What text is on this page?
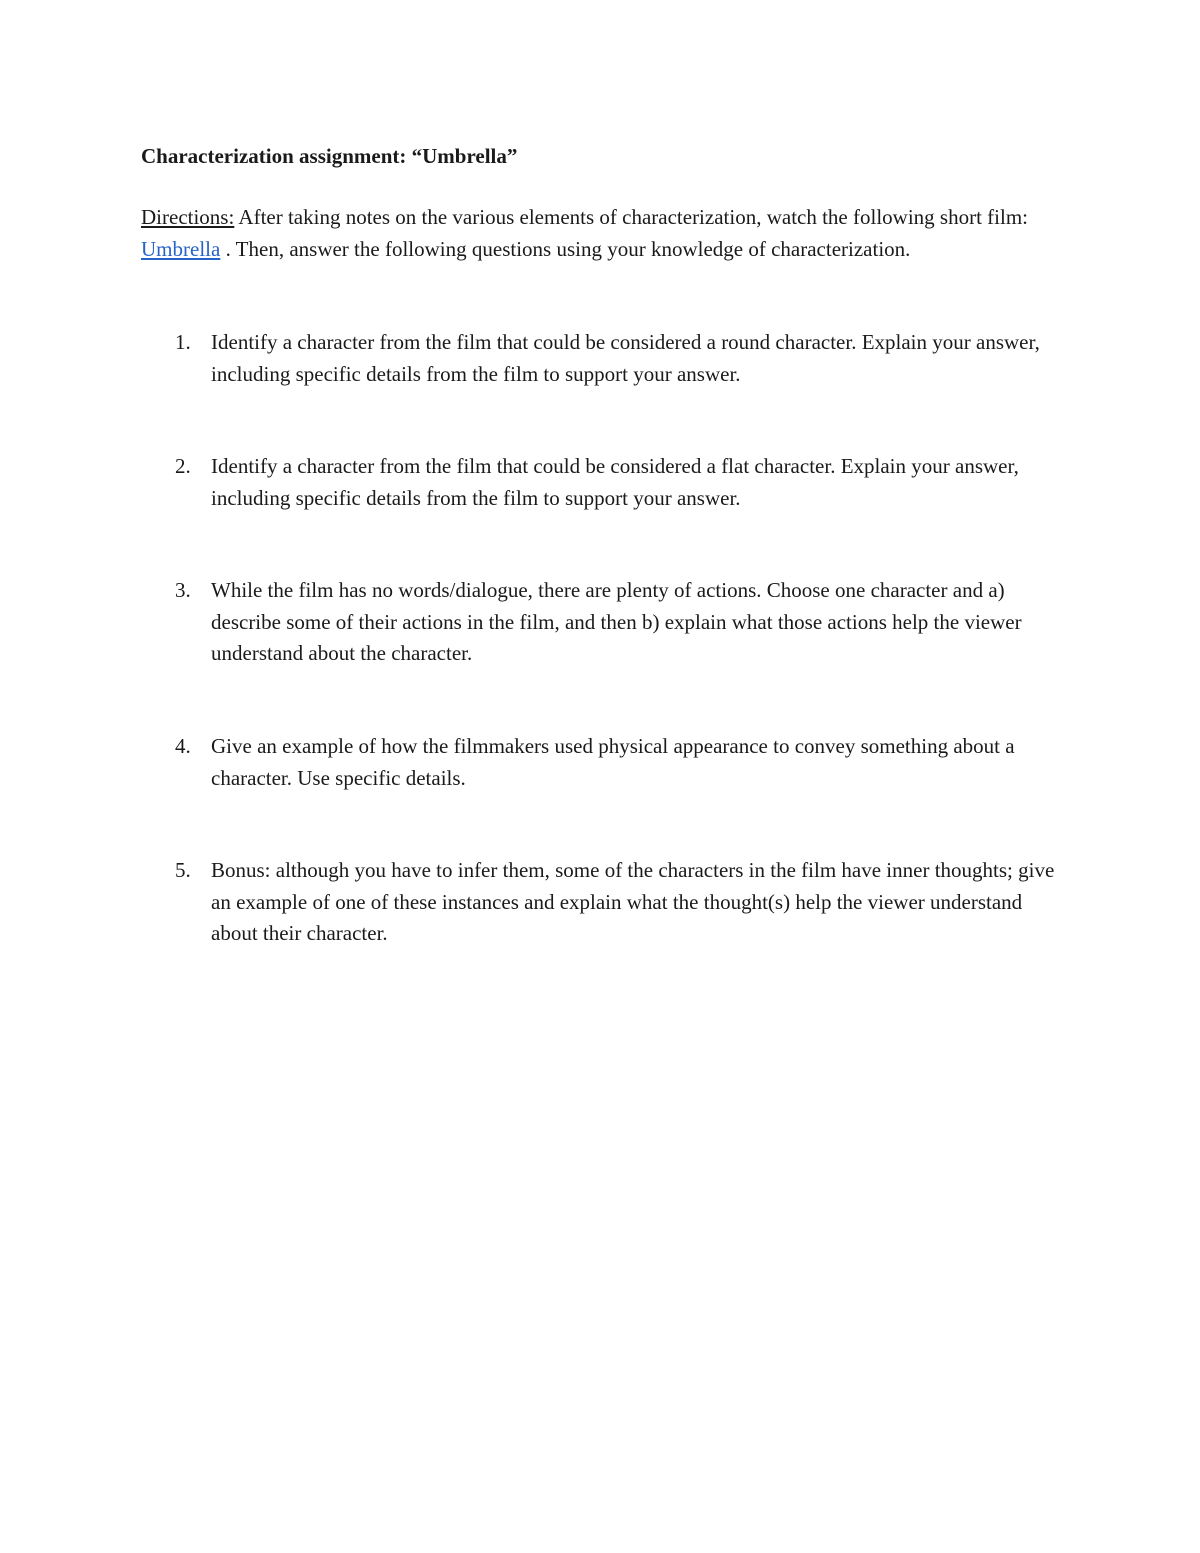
Characterization assignment: “Umbrella”
Directions: After taking notes on the various elements of characterization, watch the following short film: Umbrella . Then, answer the following questions using your knowledge of characterization.
1. Identify a character from the film that could be considered a round character. Explain your answer, including specific details from the film to support your answer.
2. Identify a character from the film that could be considered a flat character. Explain your answer, including specific details from the film to support your answer.
3. While the film has no words/dialogue, there are plenty of actions. Choose one character and a) describe some of their actions in the film, and then b) explain what those actions help the viewer understand about the character.
4. Give an example of how the filmmakers used physical appearance to convey something about a character. Use specific details.
5. Bonus: although you have to infer them, some of the characters in the film have inner thoughts; give an example of one of these instances and explain what the thought(s) help the viewer understand about their character.
